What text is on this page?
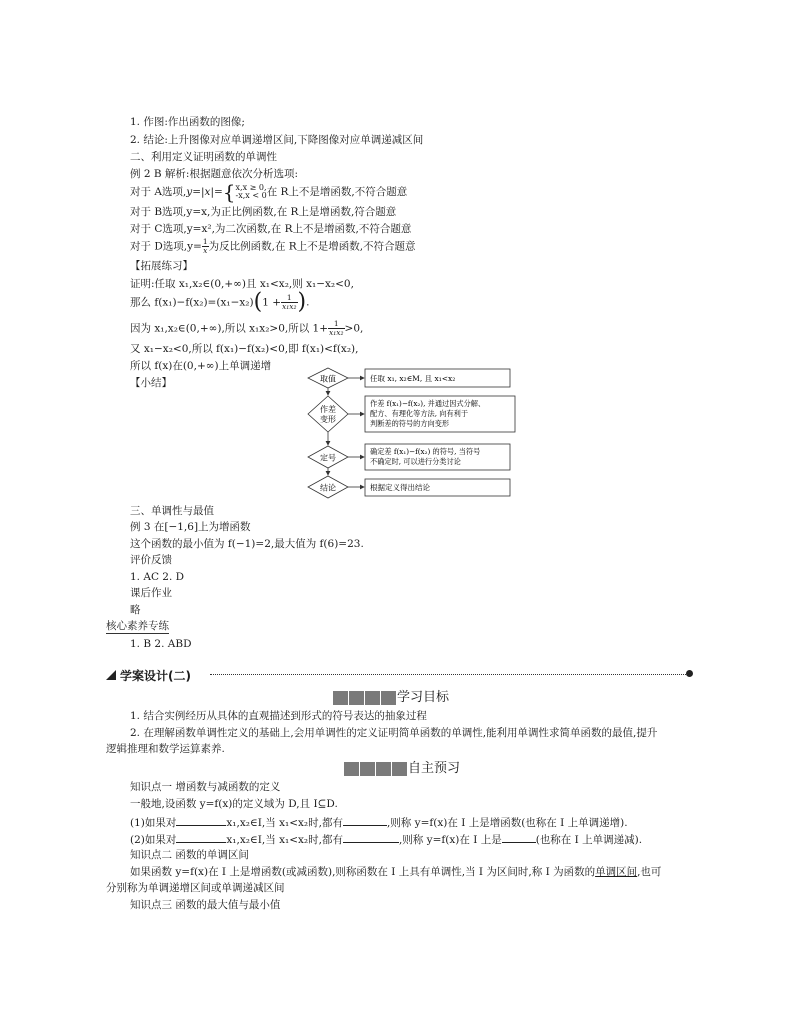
1. 作图:作出函数的图像;
2. 结论:上升图像对应单调递增区间,下降图像对应单调递减区间
二、利用定义证明函数的单调性
例 2 B 解析:根据题意依次分析选项:
对于 A选项,y=|x|={ x,x ≥ 0,
-x,x < 0 在 R上不是增函数,不符合题意
对于 B选项,y=x,为正比例函数,在 R上是增函数,符合题意
对于 C选项,y=x²,为二次函数,在 R上不是增函数,不符合题意
对于 D选项$,y= \frac{1}{x}$ 为反比例函数,在 R上不是增函数,不符合题意
【拓展练习】
证明:任取 x₁,x₂∈(0,+∞)且 x₁<x₂,则 x₁−x₂<0,
那么 $f(x_1)-f(x_2)=(x_1-x_2)(1 + \frac{1}{\text{x₁x₂}}$ ).
因为 x₁,x₂∈(0,+∞),所以 x₁x₂>0,所以 $1+ \frac{1}{\text{x₁x₂}} >0$,
又 x₁−x₂<0,所以 f(x₁)−f(x₂)<0,即 f(x₁)<f(x₂),
所以 f(x)在(0,+∞)上单调递增
【小结】	取值
作差
变形
定号
结论
任取 x₁, x₂∈M, 且 x₁<x₂
作差 f(x₁)−f(x₂), 并通过因式分解、
配方、有理化等方法, 向有利于
判断差的符号的方向变形
确定差 f(x₁)−f(x₂) 的符号, 当符号
不确定时, 可以进行分类讨论
根据定义得出结论
三、单调性与最值
例 3 在[−1,6]上为增函数
这个函数的最小值为 f(−1)=2,最大值为 f(6)=23.
评价反馈
1. AC 2. D
课后作业
略
核心素养专练
1. B 2. ABD
学案设计(二)
学习目标
1. 结合实例经历从具体的直观描述到形式的符号表达的抽象过程
2. 在理解函数单调性定义的基础上,会用单调性的定义证明简单函数的单调性,能利用单调性求简单函数的最值,提升
逻辑推理和数学运算素养.
自主预习
知识点一 增函数与减函数的定义
一般地,设函数 y=f(x)的定义域为 D,且 I⊆D.
(1)如果对	x₁,x₂∈I,当 x₁<x₂时,都有	,则称 y=f(x)在 I 上是增函数(也称在 I 上单调递增).
(2)如果对	x₁,x₂∈I,当 x₁<x₂时,都有	,则称 y=f(x)在 I 上是	(也称在 I 上单调递减).
知识点二 函数的单调区间
如果函数 y=f(x)在 I 上是增函数(或减函数),则称函数在 I 上具有单调性,当 I 为区间时,称 I 为函数的单调区间,也可
分别称为单调递增区间或单调递减区间
知识点三 函数的最大值与最小值
